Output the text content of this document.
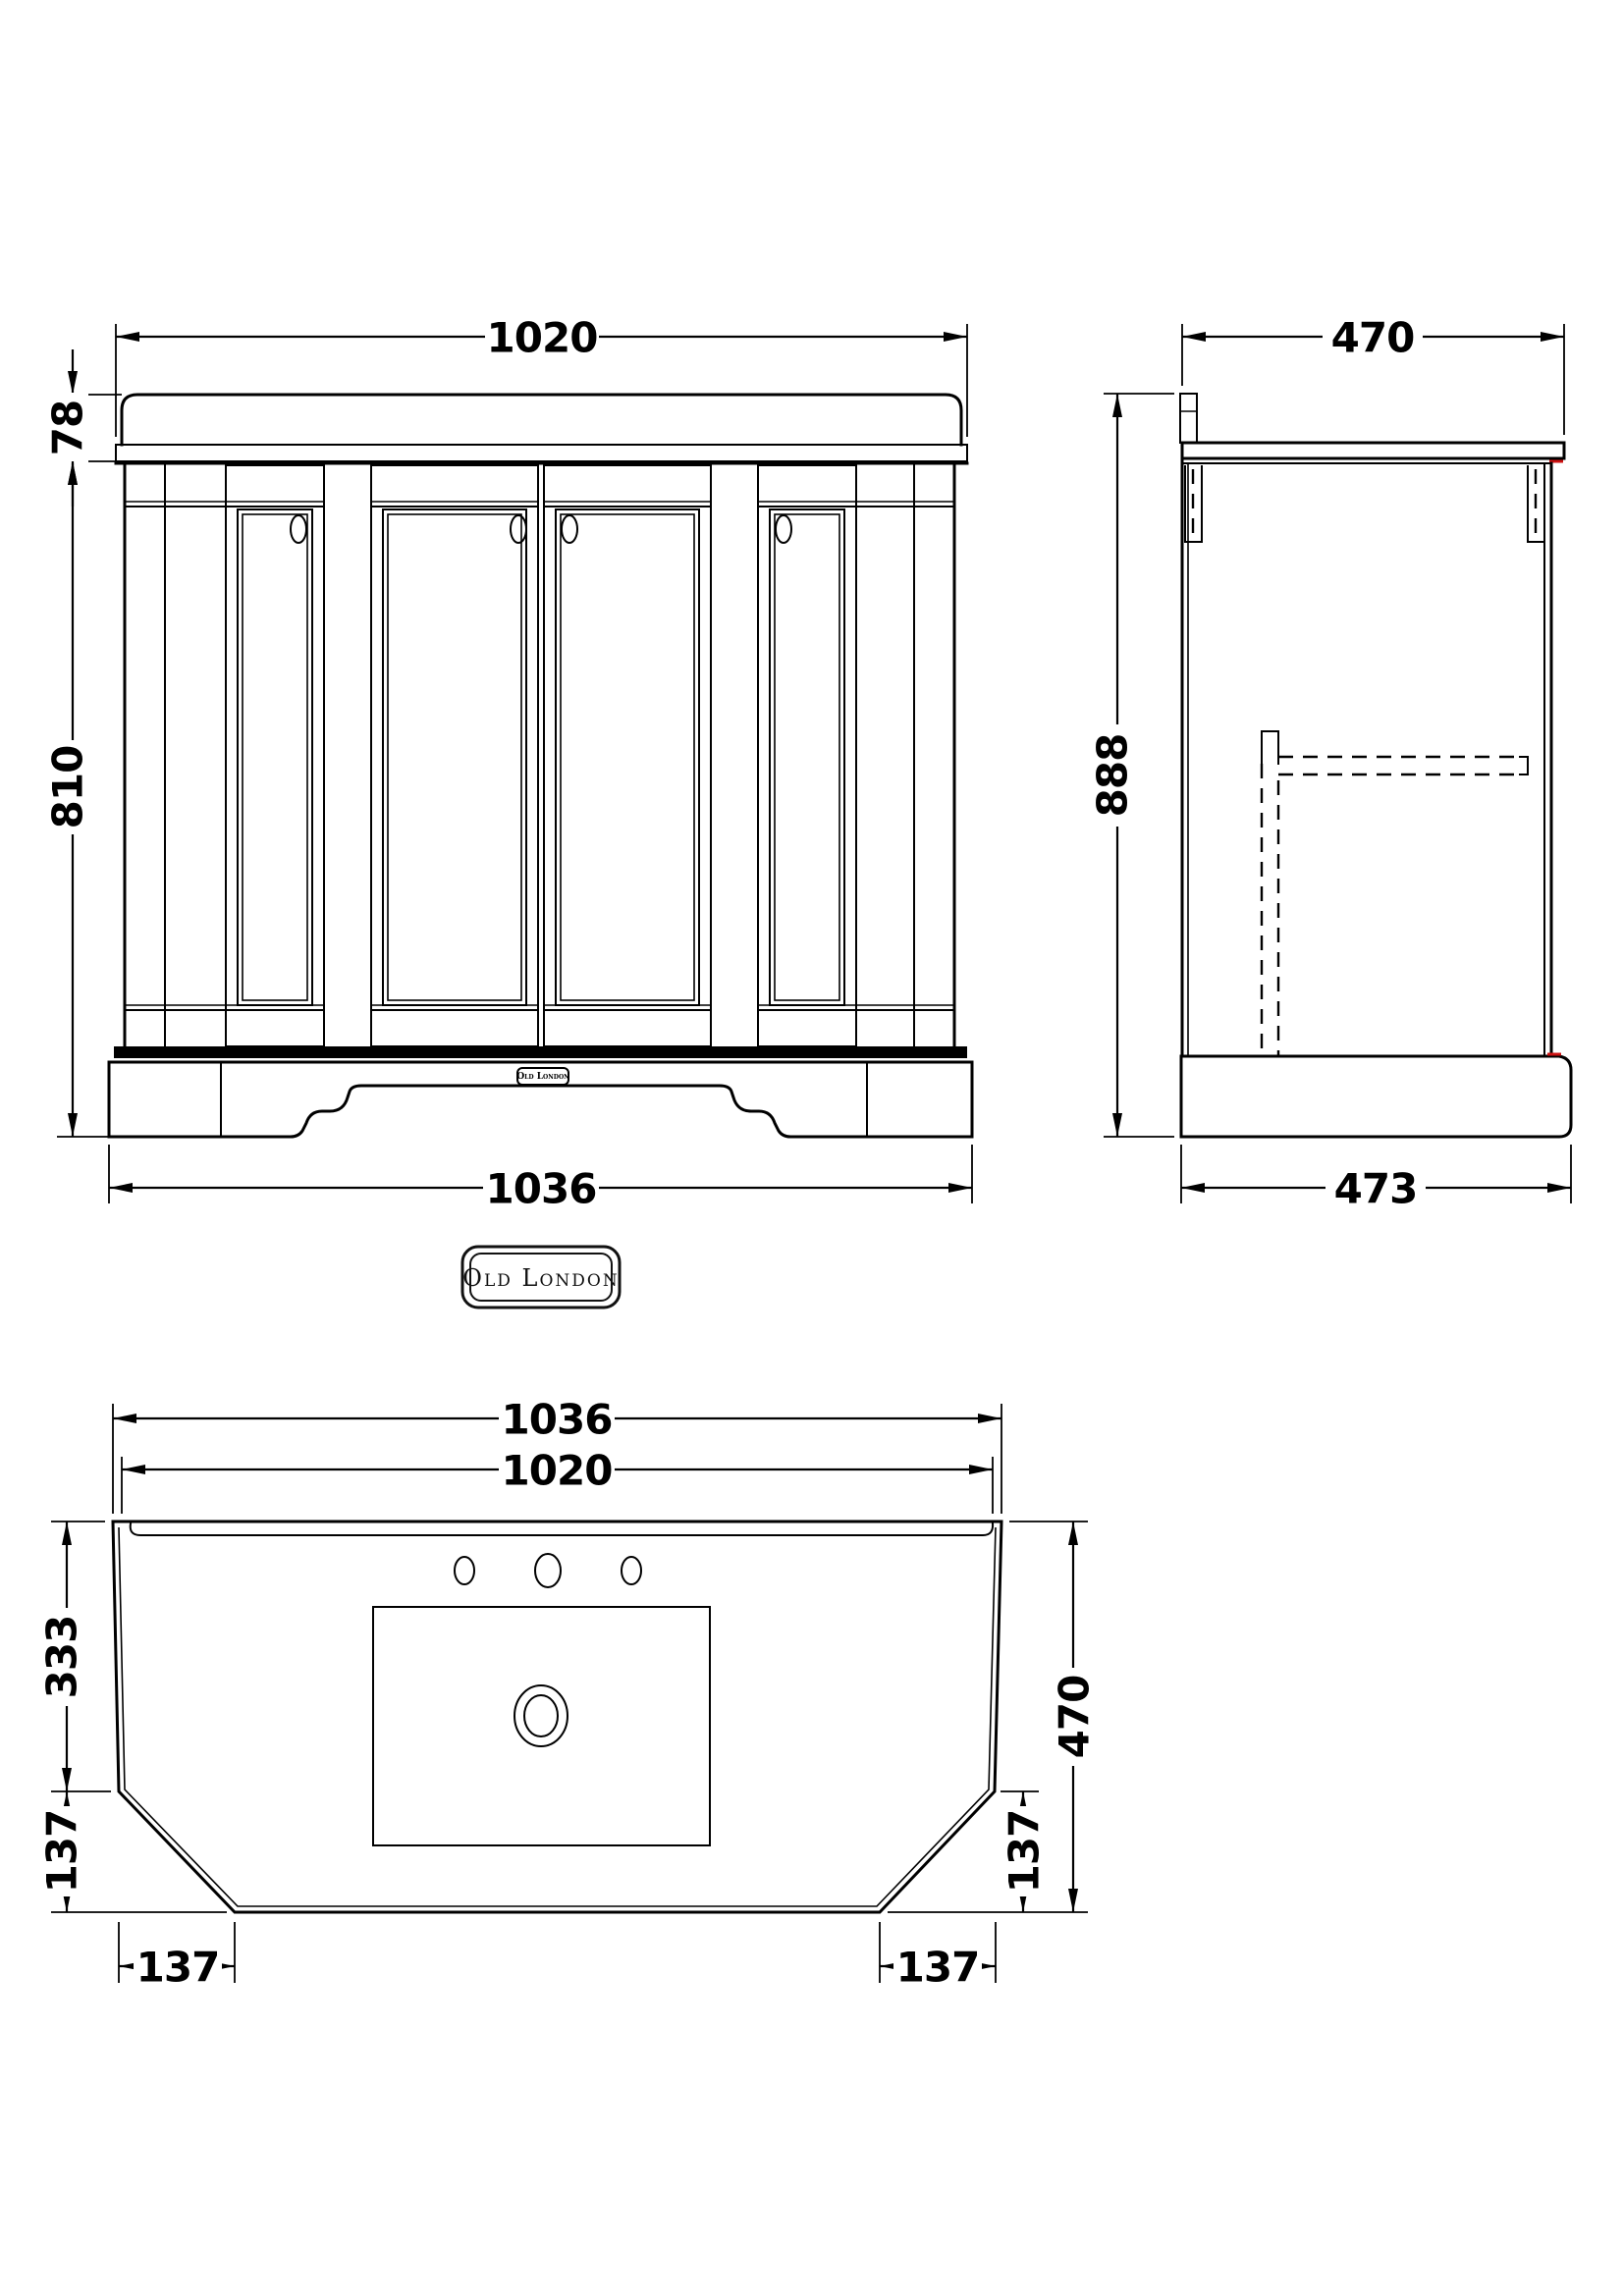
Old London
1020
78
810
1036
470
888
473
Old London
1036
1020
333
137
137
470
137
137
